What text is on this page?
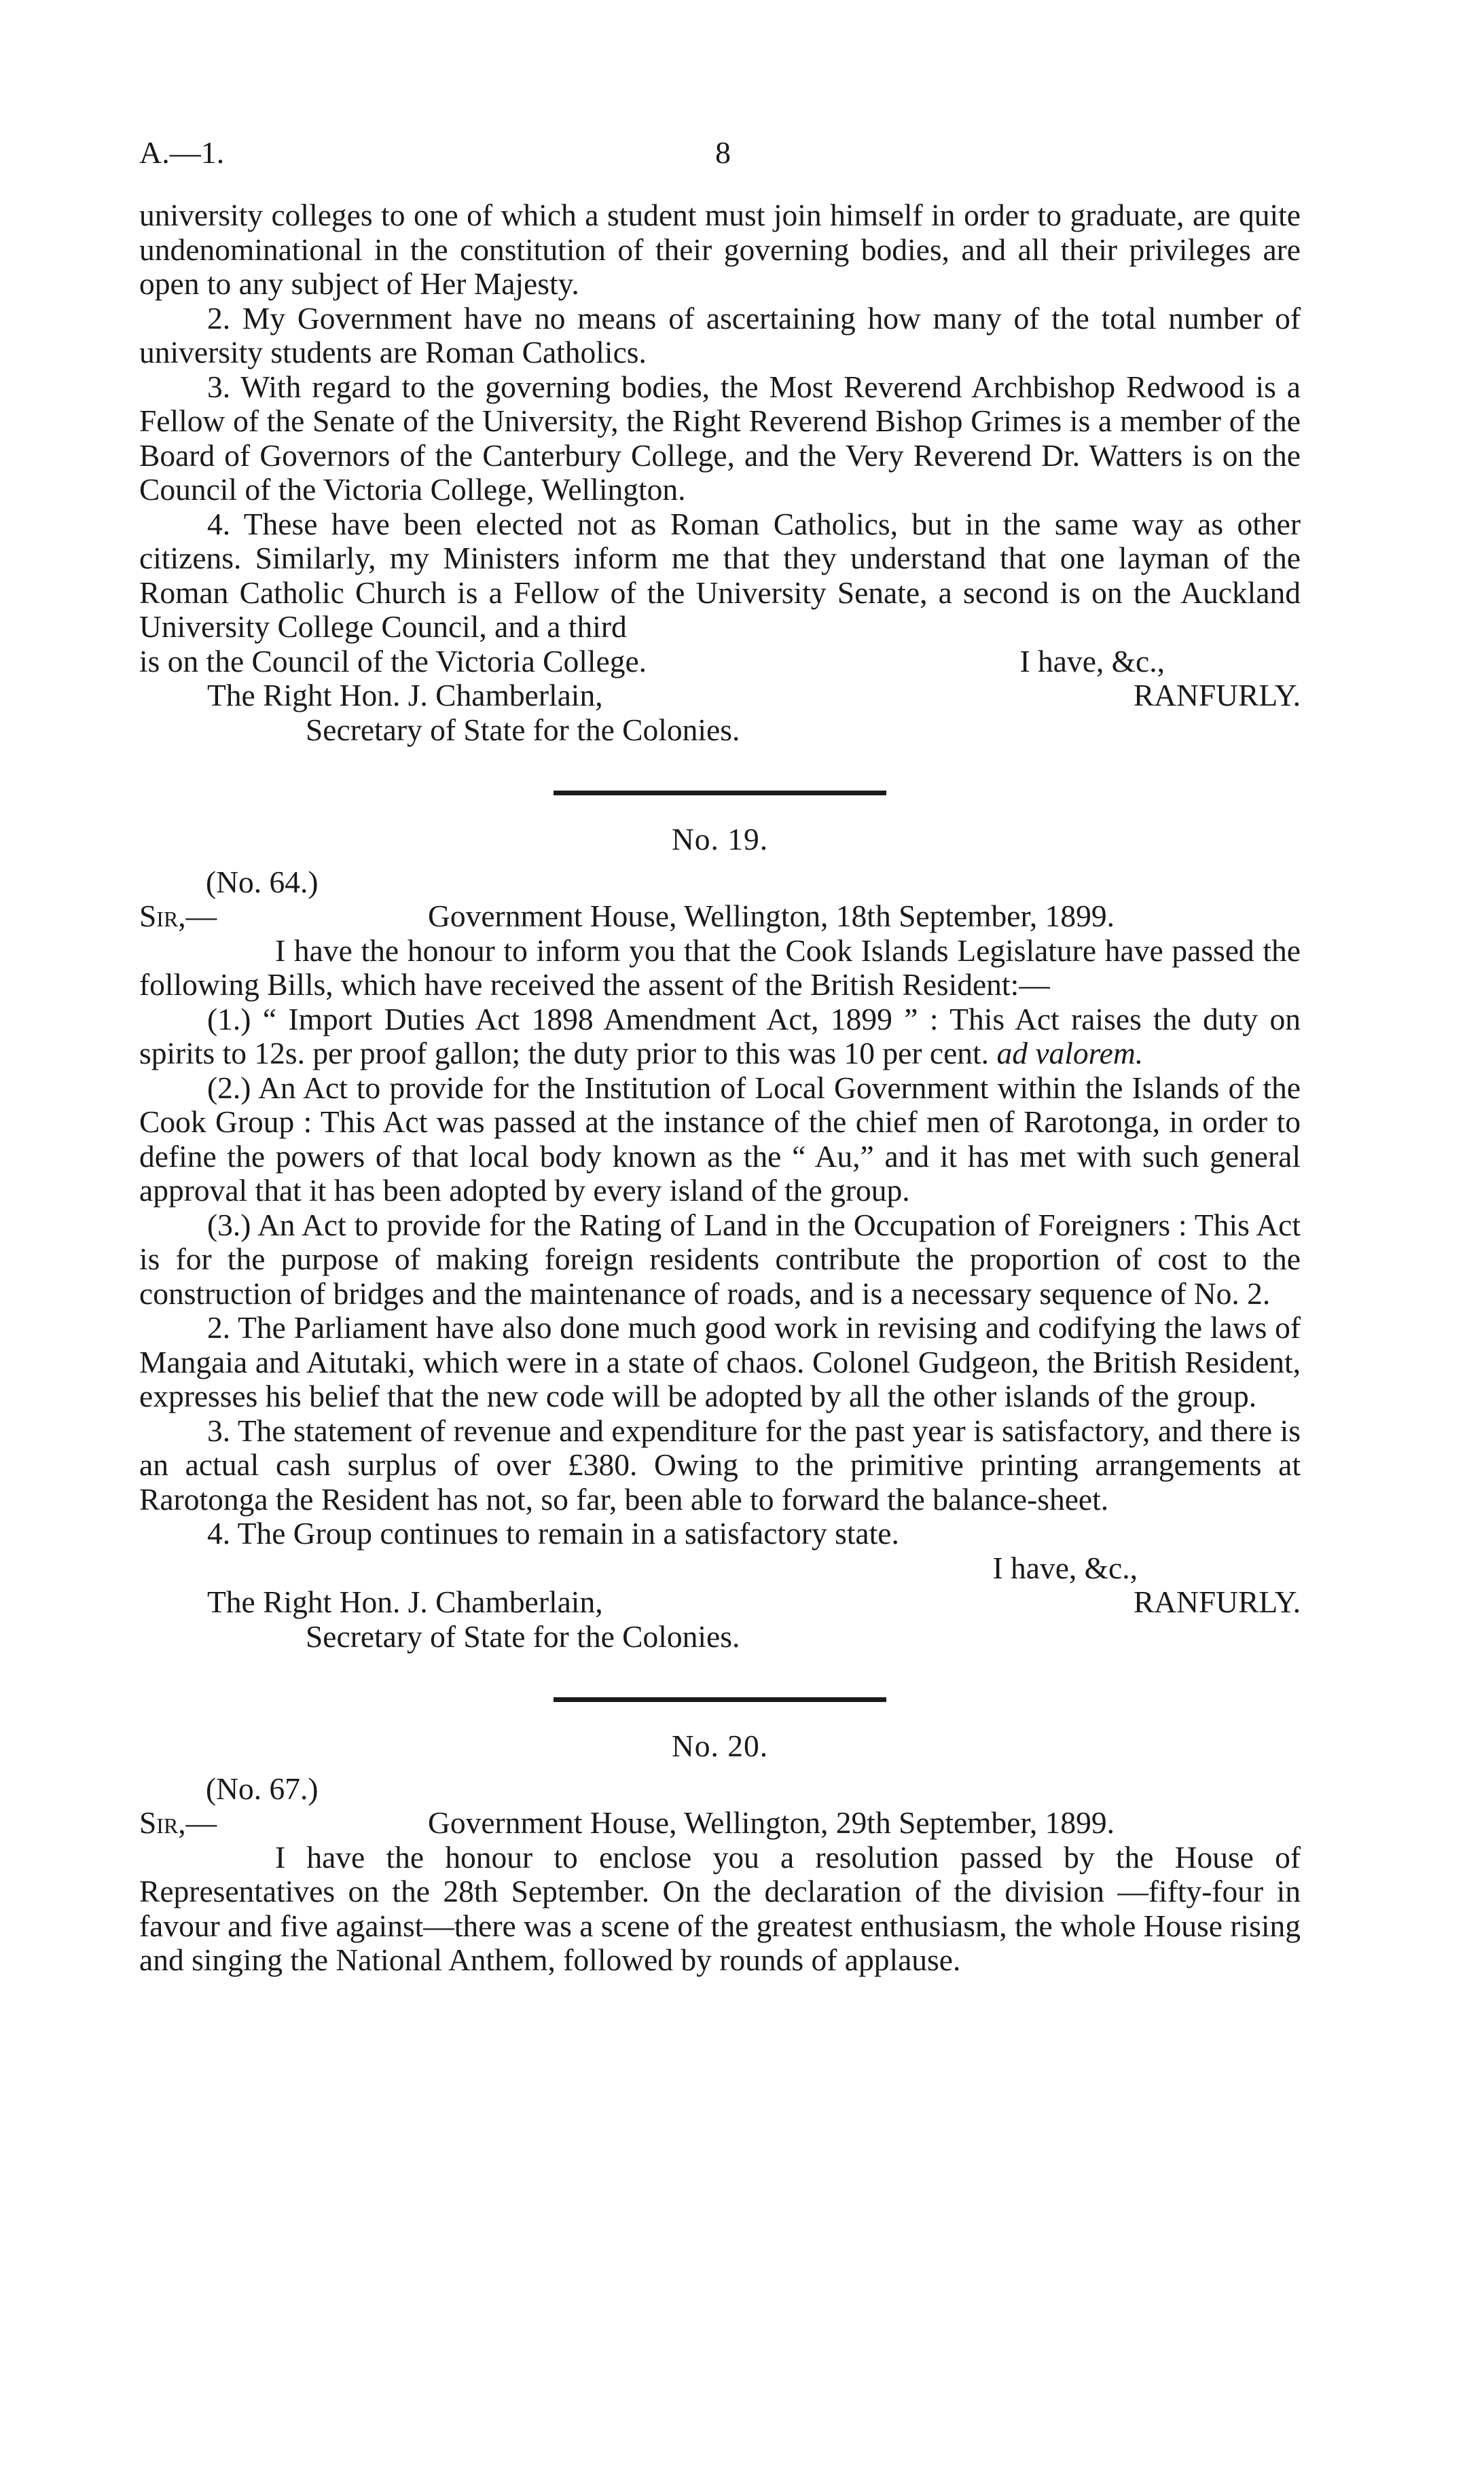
A.—1.	8

university colleges to one of which a student must join himself in order to graduate, are quite undenominational in the constitution of their governing bodies, and all their privileges are open to any subject of Her Majesty.

2. My Government have no means of ascertaining how many of the total number of university students are Roman Catholics.

3. With regard to the governing bodies, the Most Reverend Archbishop Redwood is a Fellow of the Senate of the University, the Right Reverend Bishop Grimes is a member of the Board of Governors of the Canterbury College, and the Very Reverend Dr. Watters is on the Council of the Victoria College, Wellington.

4. These have been elected not as Roman Catholics, but in the same way as other citizens. Similarly, my Ministers inform me that they understand that one layman of the Roman Catholic Church is a Fellow of the University Senate, a second is on the Auckland University College Council, and a third

is on the Council of the Victoria College.	I have, &c.,
The Right Hon. J. Chamberlain,	RANFURLY.
Secretary of State for the Colonies.
No. 19.
(No. 64.)
Sir,—	Government House, Wellington, 18th September, 1899.

I have the honour to inform you that the Cook Islands Legislature have passed the following Bills, which have received the assent of the British Resident:—

(1.) “ Import Duties Act 1898 Amendment Act, 1899 ” : This Act raises the duty on spirits to 12s. per proof gallon; the duty prior to this was 10 per cent. ad valorem.

(2.) An Act to provide for the Institution of Local Government within the Islands of the Cook Group : This Act was passed at the instance of the chief men of Rarotonga, in order to define the powers of that local body known as the “ Au,” and it has met with such general approval that it has been adopted by every island of the group.

(3.) An Act to provide for the Rating of Land in the Occupation of Foreigners : This Act is for the purpose of making foreign residents contribute the proportion of cost to the construction of bridges and the maintenance of roads, and is a necessary sequence of No. 2.

2. The Parliament have also done much good work in revising and codifying the laws of Mangaia and Aitutaki, which were in a state of chaos. Colonel Gudgeon, the British Resident, expresses his belief that the new code will be adopted by all the other islands of the group.

3. The statement of revenue and expenditure for the past year is satisfactory, and there is an actual cash surplus of over £380. Owing to the primitive printing arrangements at Rarotonga the Resident has not, so far, been able to forward the balance-sheet.

4. The Group continues to remain in a satisfactory state.

I have, &c.,
The Right Hon. J. Chamberlain,	RANFURLY.
Secretary of State for the Colonies.
No. 20.
(No. 67.)
Sir,—	Government House, Wellington, 29th September, 1899.

I have the honour to enclose you a resolution passed by the House of Representatives on the 28th September. On the declaration of the division —fifty-four in favour and five against—there was a scene of the greatest enthusiasm, the whole House rising and singing the National Anthem, followed by rounds of applause.
